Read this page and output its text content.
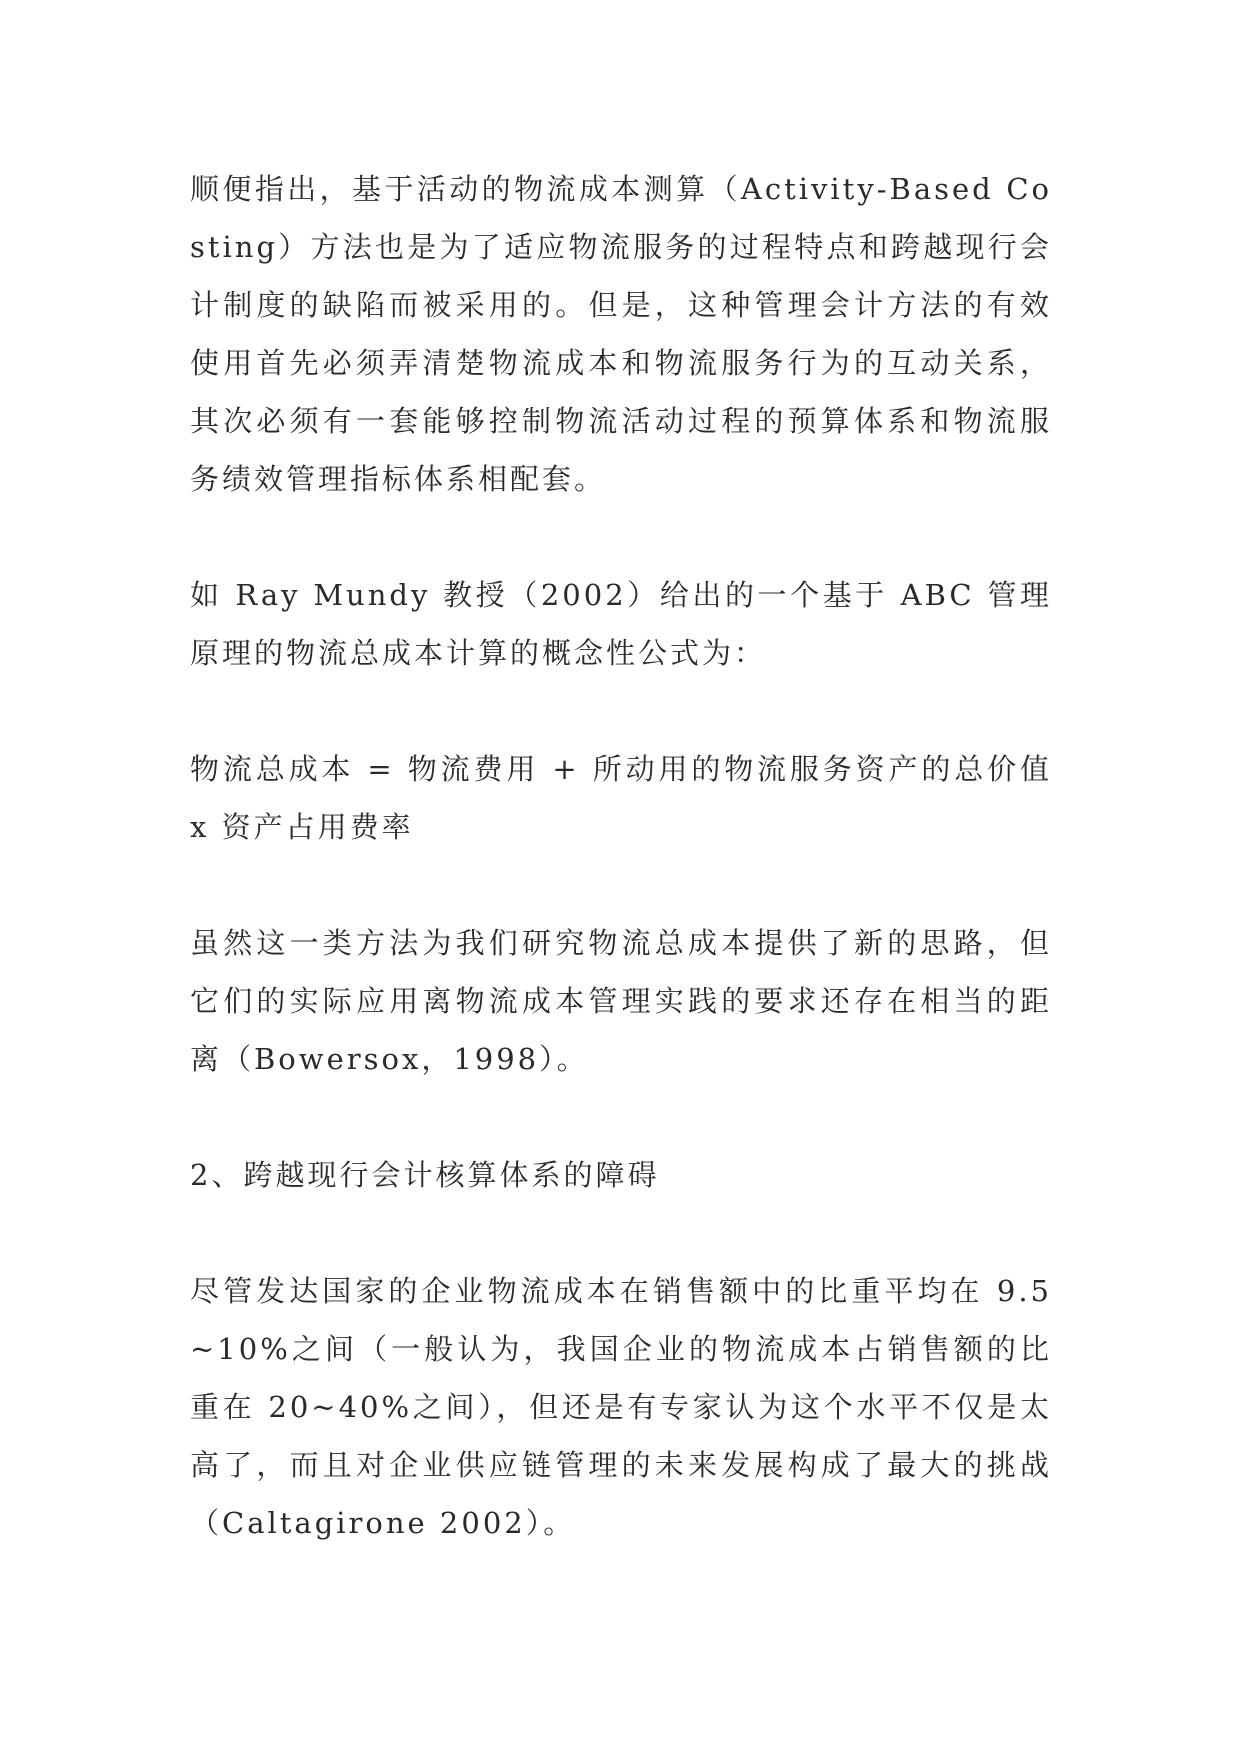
顺便指出，基于活动的物流成本测算（Activity-Based Costing）方法也是为了适应物流服务的过程特点和跨越现行会计制度的缺陷而被采用的。但是，这种管理会计方法的有效使用首先必须弄清楚物流成本和物流服务行为的互动关系，其次必须有一套能够控制物流活动过程的预算体系和物流服务绩效管理指标体系相配套。

如 Ray Mundy 教授（2002）给出的一个基于 ABC 管理原理的物流总成本计算的概念性公式为：

物流总成本 = 物流费用 + 所动用的物流服务资产的总价值 x 资产占用费率

虽然这一类方法为我们研究物流总成本提供了新的思路，但它们的实际应用离物流成本管理实践的要求还存在相当的距离（Bowersox，1998）。

2、跨越现行会计核算体系的障碍

尽管发达国家的企业物流成本在销售额中的比重平均在 9.5~10%之间（一般认为，我国企业的物流成本占销售额的比重在 20~40%之间），但还是有专家认为这个水平不仅是太高了，而且对企业供应链管理的未来发展构成了最大的挑战（Caltagirone 2002）。
